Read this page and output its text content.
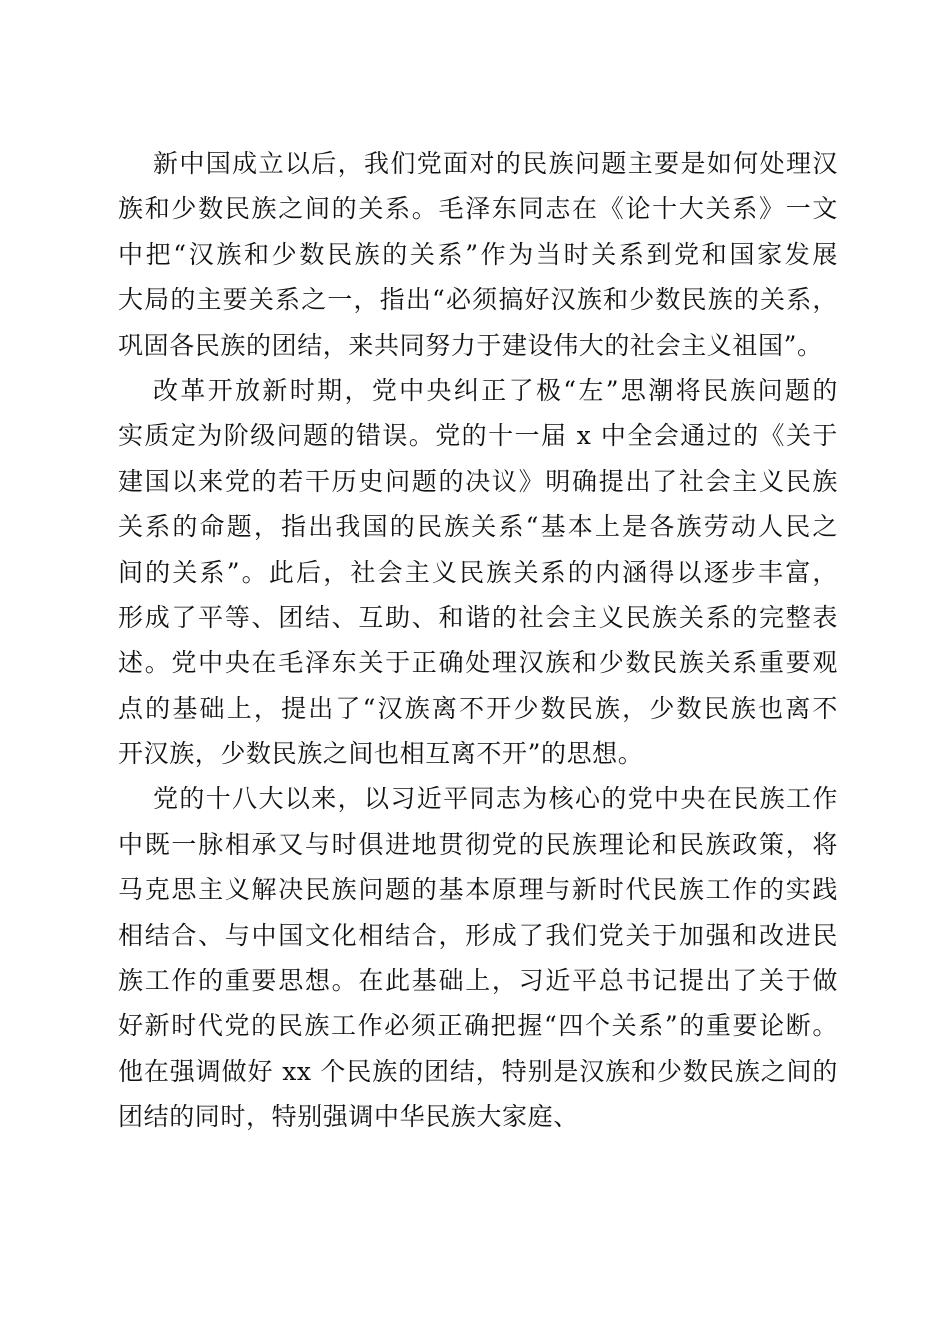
新中国成立以后，我们党面对的民族问题主要是如何处理汉
族和少数民族之间的关系。毛泽东同志在《论十大关系》一文
中把“汉族和少数民族的关系”作为当时关系到党和国家发展
大局的主要关系之一，指出“必须搞好汉族和少数民族的关系，
巩固各民族的团结，来共同努力于建设伟大的社会主义祖国”。
改革开放新时期，党中央纠正了极“左”思潮将民族问题的
实质定为阶级问题的错误。党的十一届 x 中全会通过的《关于
建国以来党的若干历史问题的决议》明确提出了社会主义民族
关系的命题，指出我国的民族关系“基本上是各族劳动人民之
间的关系”。此后，社会主义民族关系的内涵得以逐步丰富，
形成了平等、团结、互助、和谐的社会主义民族关系的完整表
述。党中央在毛泽东关于正确处理汉族和少数民族关系重要观
点的基础上，提出了“汉族离不开少数民族，少数民族也离不
开汉族，少数民族之间也相互离不开”的思想。
党的十八大以来，以习近平同志为核心的党中央在民族工作
中既一脉相承又与时俱进地贯彻党的民族理论和民族政策，将
马克思主义解决民族问题的基本原理与新时代民族工作的实践
相结合、与中国文化相结合，形成了我们党关于加强和改进民
族工作的重要思想。在此基础上，习近平总书记提出了关于做
好新时代党的民族工作必须正确把握“四个关系”的重要论断。
他在强调做好 xx 个民族的团结，特别是汉族和少数民族之间的
团结的同时，特别强调中华民族大家庭、
